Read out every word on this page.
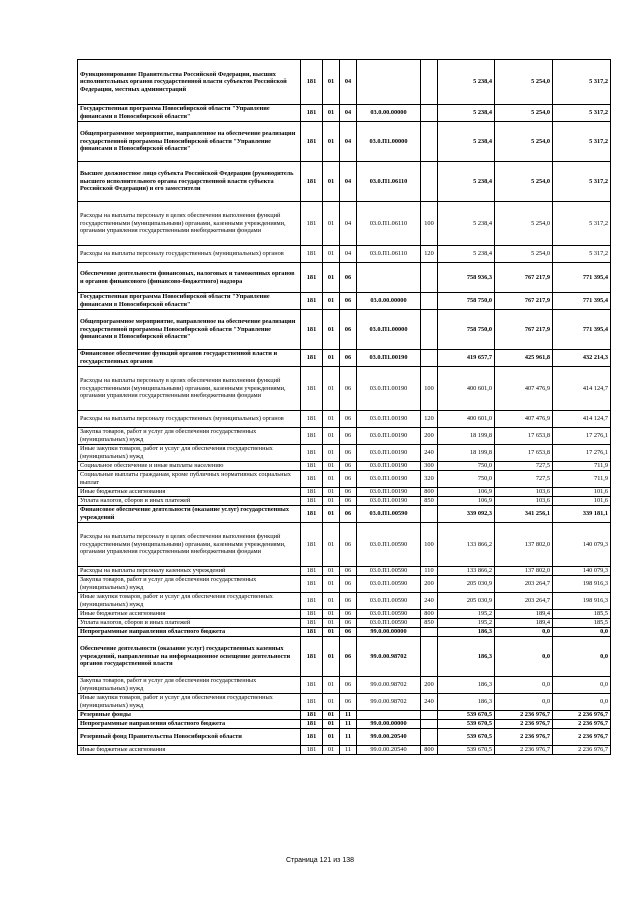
Функционирование Правительства Российской Федерации, высших исполнительных органов государственной власти субъектов Российской Федерации, местных администраций	181	01	04			5 238,4	5 254,0	5 317,2
Государственная программа Новосибирской области "Управление финансами в Новосибирской области"	181	01	04	03.0.00.00000		5 238,4	5 254,0	5 317,2
Общепрограммное мероприятие, направленное на обеспечение реализации государственной программы Новосибирской области "Управление финансами в Новосибирской области"	181	01	04	03.0.П1.00000		5 238,4	5 254,0	5 317,2
Высшее должностное лицо субъекта Российской Федерации (руководитель высшего исполнительного органа государственной власти субъекта Российской Федерации) и его заместители	181	01	04	03.0.П1.06110		5 238,4	5 254,0	5 317,2
Расходы на выплаты персоналу в целях обеспечения выполнения функций государственными (муниципальными) органами, казенными учреждениями, органами управления государственными внебюджетными фондами	181	01	04	03.0.П1.06110	100	5 238,4	5 254,0	5 317,2
Расходы на выплаты персоналу государственных (муниципальных) органов	181	01	04	03.0.П1.06110	120	5 238,4	5 254,0	5 317,2
Обеспечение деятельности финансовых, налоговых и таможенных органов и органов финансового (финансово-бюджетного) надзора	181	01	06			758 936,3	767 217,9	771 395,4
Государственная программа Новосибирской области "Управление финансами в Новосибирской области"	181	01	06	03.0.00.00000		758 750,0	767 217,9	771 395,4
Общепрограммное мероприятие, направленное на обеспечение реализации государственной программы Новосибирской области "Управление финансами в Новосибирской области"	181	01	06	03.0.П1.00000		758 750,0	767 217,9	771 395,4
Финансовое обеспечение функций органов государственной власти и государственных органов	181	01	06	03.0.П1.00190		419 657,7	425 961,8	432 214,3
Расходы на выплаты персоналу в целях обеспечения выполнения функций государственными (муниципальными) органами, казенными учреждениями, органами управления государственными внебюджетными фондами	181	01	06	03.0.П1.00190	100	400 601,0	407 476,9	414 124,7
Расходы на выплаты персоналу государственных (муниципальных) органов	181	01	06	03.0.П1.00190	120	400 601,0	407 476,9	414 124,7
Закупка товаров, работ и услуг для обеспечения государственных (муниципальных) нужд	181	01	06	03.0.П1.00190	200	18 199,8	17 653,8	17 276,1
Иные закупки товаров, работ и услуг для обеспечения государственных (муниципальных) нужд	181	01	06	03.0.П1.00190	240	18 199,8	17 653,8	17 276,1
Социальное обеспечение и иные выплаты населению	181	01	06	03.0.П1.00190	300	750,0	727,5	711,9
Социальные выплаты гражданам, кроме публичных нормативных социальных выплат	181	01	06	03.0.П1.00190	320	750,0	727,5	711,9
Иные бюджетные ассигнования	181	01	06	03.0.П1.00190	800	106,9	103,6	101,6
Уплата налогов, сборов и иных платежей	181	01	06	03.0.П1.00190	850	106,9	103,6	101,6
Финансовое обеспечение деятельности (оказание услуг) государственных учреждений	181	01	06	03.0.П1.00590		339 092,3	341 256,1	339 181,1
Расходы на выплаты персоналу в целях обеспечения выполнения функций государственными (муниципальными) органами, казенными учреждениями, органами управления государственными внебюджетными фондами	181	01	06	03.0.П1.00590	100	133 866,2	137 802,0	140 079,3
Расходы на выплаты персоналу казенных учреждений	181	01	06	03.0.П1.00590	110	133 866,2	137 802,0	140 079,3
Закупка товаров, работ и услуг для обеспечения государственных (муниципальных) нужд	181	01	06	03.0.П1.00590	200	205 030,9	203 264,7	198 916,3
Иные закупки товаров, работ и услуг для обеспечения государственных (муниципальных) нужд	181	01	06	03.0.П1.00590	240	205 030,9	203 264,7	198 916,3
Иные бюджетные ассигнования	181	01	06	03.0.П1.00590	800	195,2	189,4	185,5
Уплата налогов, сборов и иных платежей	181	01	06	03.0.П1.00590	850	195,2	189,4	185,5
Непрограммные направления областного бюджета	181	01	06	99.0.00.00000		186,3	0,0	0,0
Обеспечение деятельности (оказание услуг) государственных казенных учреждений, направленные на информационное освещение деятельности органов государственной власти	181	01	06	99.0.00.98702		186,3	0,0	0,0
Закупка товаров, работ и услуг для обеспечения государственных (муниципальных) нужд	181	01	06	99.0.00.98702	200	186,3	0,0	0,0
Иные закупки товаров, работ и услуг для обеспечения государственных (муниципальных) нужд	181	01	06	99.0.00.98702	240	186,3	0,0	0,0
Резервные фонды	181	01	11			539 670,5	2 236 976,7	2 236 976,7
Непрограммные направления областного бюджета	181	01	11	99.0.00.00000		539 670,5	2 236 976,7	2 236 976,7
Резервный фонд Правительства Новосибирской области	181	01	11	99.0.00.20540		539 670,5	2 236 976,7	2 236 976,7
Иные бюджетные ассигнования	181	01	11	99.0.00.20540	800	539 670,5	2 236 976,7	2 236 976,7
Страница 121 из 138
